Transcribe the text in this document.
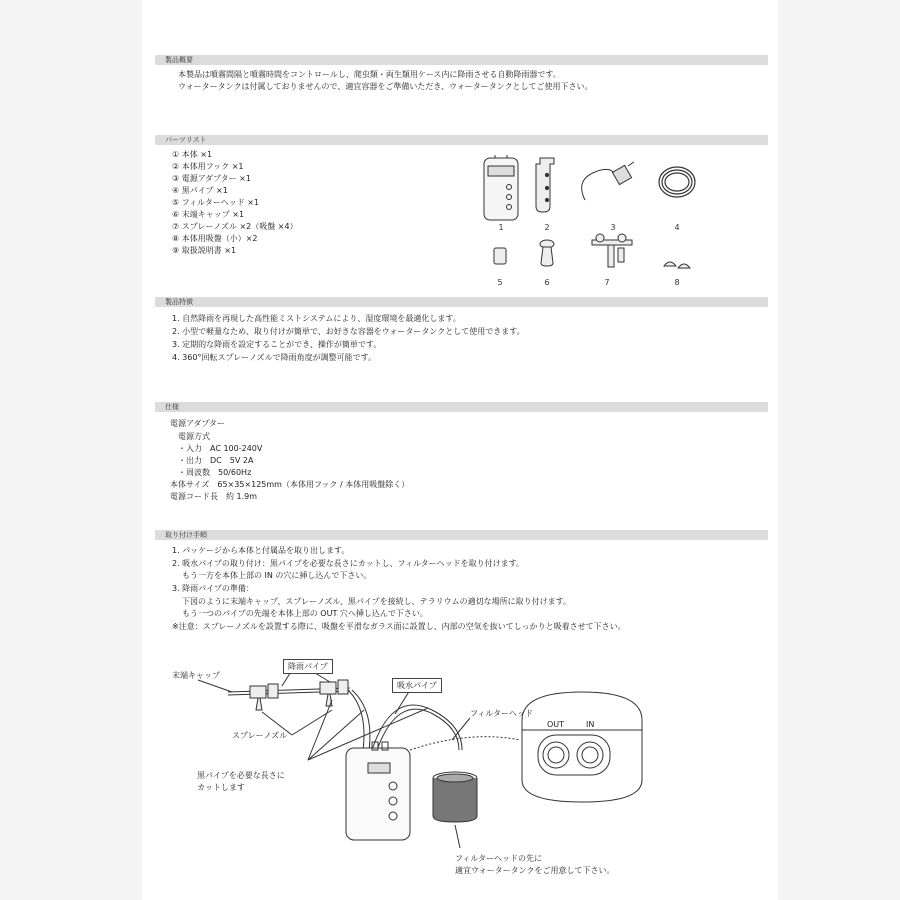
製品概要
本製品は噴霧間隔と噴霧時間をコントロールし、爬虫類・両生類用ケース内に降雨させる自動降雨器です。
ウォータータンクは付属しておりませんので、適宜容器をご準備いただき、ウォータータンクとしてご使用下さい。
パーツリスト
① 本体 ×1
② 本体用フック ×1
③ 電源アダプター ×1
④ 黒パイプ ×1
⑤ フィルターヘッド ×1
⑥ 末端キャップ ×1
⑦ スプレーノズル ×2（吸盤 ×4）
⑧ 本体用吸盤（小）×2
⑨ 取扱説明書 ×1
1	2	3	4
5	6	7	8
製品特徴
1. 自然降雨を再現した高性能ミストシステムにより、湿度環境を最適化します。
2. 小型で軽量なため、取り付けが簡単で、お好きな容器をウォータータンクとして使用できます。
3. 定期的な降雨を設定することができ、操作が簡単です。
4. 360°回転スプレーノズルで降雨角度が調整可能です。
仕様
電源アダプター
電源方式
・入力　AC 100-240V
・出力　DC　5V 2A
・周波数　50/60Hz
本体サイズ　65×35×125mm（本体用フック / 本体用吸盤除く）
電源コード長　約 1.9m
取り付け手順
1. パッケージから本体と付属品を取り出します。
2. 吸水パイプの取り付け：黒パイプを必要な長さにカットし、フィルターヘッドを取り付けます。
もう一方を本体上部の IN の穴に挿し込んで下さい。
3. 降雨パイプの準備：
下図のように末端キャップ、スプレーノズル、黒パイプを接続し、テラリウムの適切な場所に取り付けます。
もう一つのパイプの先端を本体上部の OUT 穴へ挿し込んで下さい。
※注意：スプレーノズルを設置する際に、吸盤を平滑なガラス面に設置し、内部の空気を抜いてしっかりと吸着させて下さい。
末端キャップ
降雨パイプ
吸水パイプ
フィルターヘッド
スプレーノズル
黒パイプを必要な長さに
カットします
OUT	IN
フィルターヘッドの先に
適宜ウォータータンクをご用意して下さい。
